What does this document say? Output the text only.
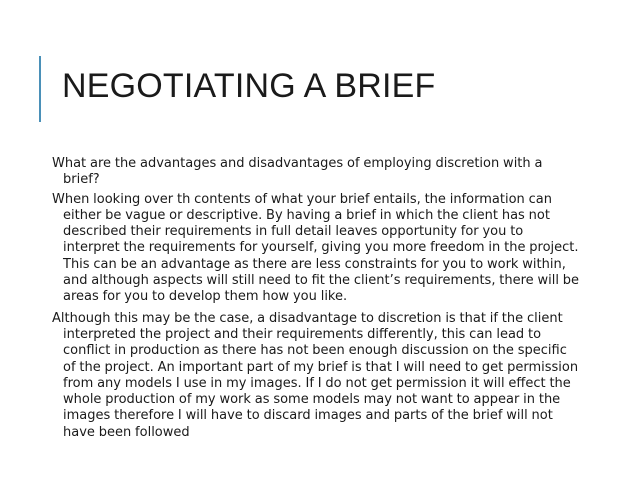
NEGOTIATING A BRIEF

What are the advantages and disadvantages of employing discretion with a brief?

When looking over th contents of what your brief entails, the information can either be vague or descriptive. By having a brief in which the client has not described their requirements in full detail leaves opportunity for you to interpret the requirements for yourself, giving you more freedom in the project. This can be an advantage as there are less constraints for you to work within, and although aspects will still need to fit the client’s requirements, there will be areas for you to develop them how you like.

Although this may be the case, a disadvantage to discretion is that if the client interpreted the project and their requirements differently, this can lead to conflict in production as there has not been enough discussion on the specific of the project. An important part of my brief is that I will need to get permission from any models I use in my images. If I do not get permission it will effect the whole production of my work as some models may not want to appear in the images therefore I will have to discard images and parts of the brief will not have been followed
